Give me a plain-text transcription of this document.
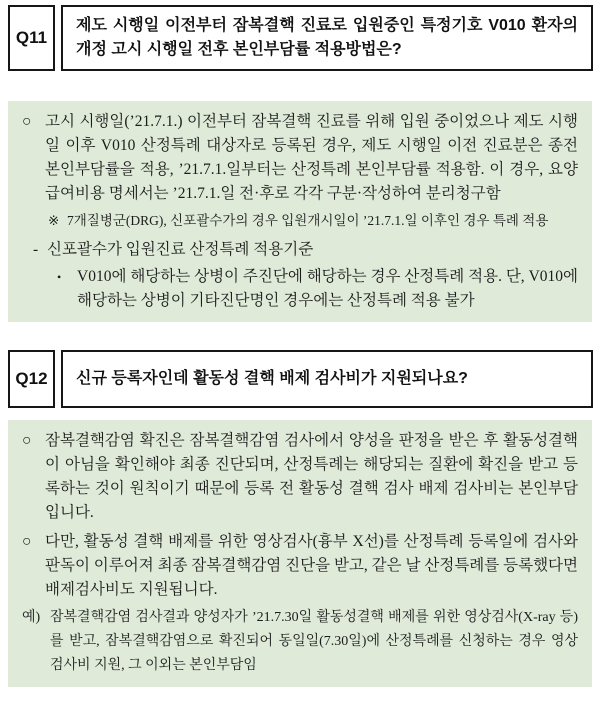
Q11
제도 시행일 이전부터 잠복결핵 진료로 입원중인 특정기호 V010 환자의 개정 고시 시행일 전후 본인부담률 적용방법은?
○ 고시 시행일(’21.7.1.) 이전부터 잠복결핵 진료를 위해 입원 중이었으나 제도 시행일 이후 V010 산정특례 대상자로 등록된 경우, 제도 시행일 이전 진료분은 종전 본인부담률을 적용, ’21.7.1.일부터는 산정특례 본인부담률 적용함. 이 경우, 요양급여비용 명세서는 ’21.7.1.일 전·후로 각각 구분·작성하여 분리청구함
※ 7개질병군(DRG), 신포괄수가의 경우 입원개시일이 ’21.7.1.일 이후인 경우 특례 적용
- 신포괄수가 입원진료 산정특례 적용기준
•	V010에 해당하는 상병이 주진단에 해당하는 경우 산정특례 적용. 단, V010에 해당하는 상병이 기타진단명인 경우에는 산정특례 적용 불가
Q12 신규 등록자인데 활동성 결핵 배제 검사비가 지원되나요?
○ 잠복결핵감염 확진은 잠복결핵감염 검사에서 양성을 판정을 받은 후 활동성결핵이 아님을 확인해야 최종 진단되며, 산정특례는 해당되는 질환에 확진을 받고 등록하는 것이 원칙이기 때문에 등록 전 활동성 결핵 검사 배제 검사비는 본인부담입니다.
○ 다만, 활동성 결핵 배제를 위한 영상검사(흉부 X선)를 산정특례 등록일에 검사와 판독이 이루어져 최종 잠복결핵감염 진단을 받고, 같은 날 산정특례를 등록했다면 배제검사비도 지원됩니다.
예) 잠복결핵감염 검사결과 양성자가 ’21.7.30일 활동성결핵 배제를 위한 영상검사(X-ray 등)를 받고, 잠복결핵감염으로 확진되어 동일일(7.30일)에 산정특례를 신청하는 경우 영상 검사비 지원, 그 이외는 본인부담임
